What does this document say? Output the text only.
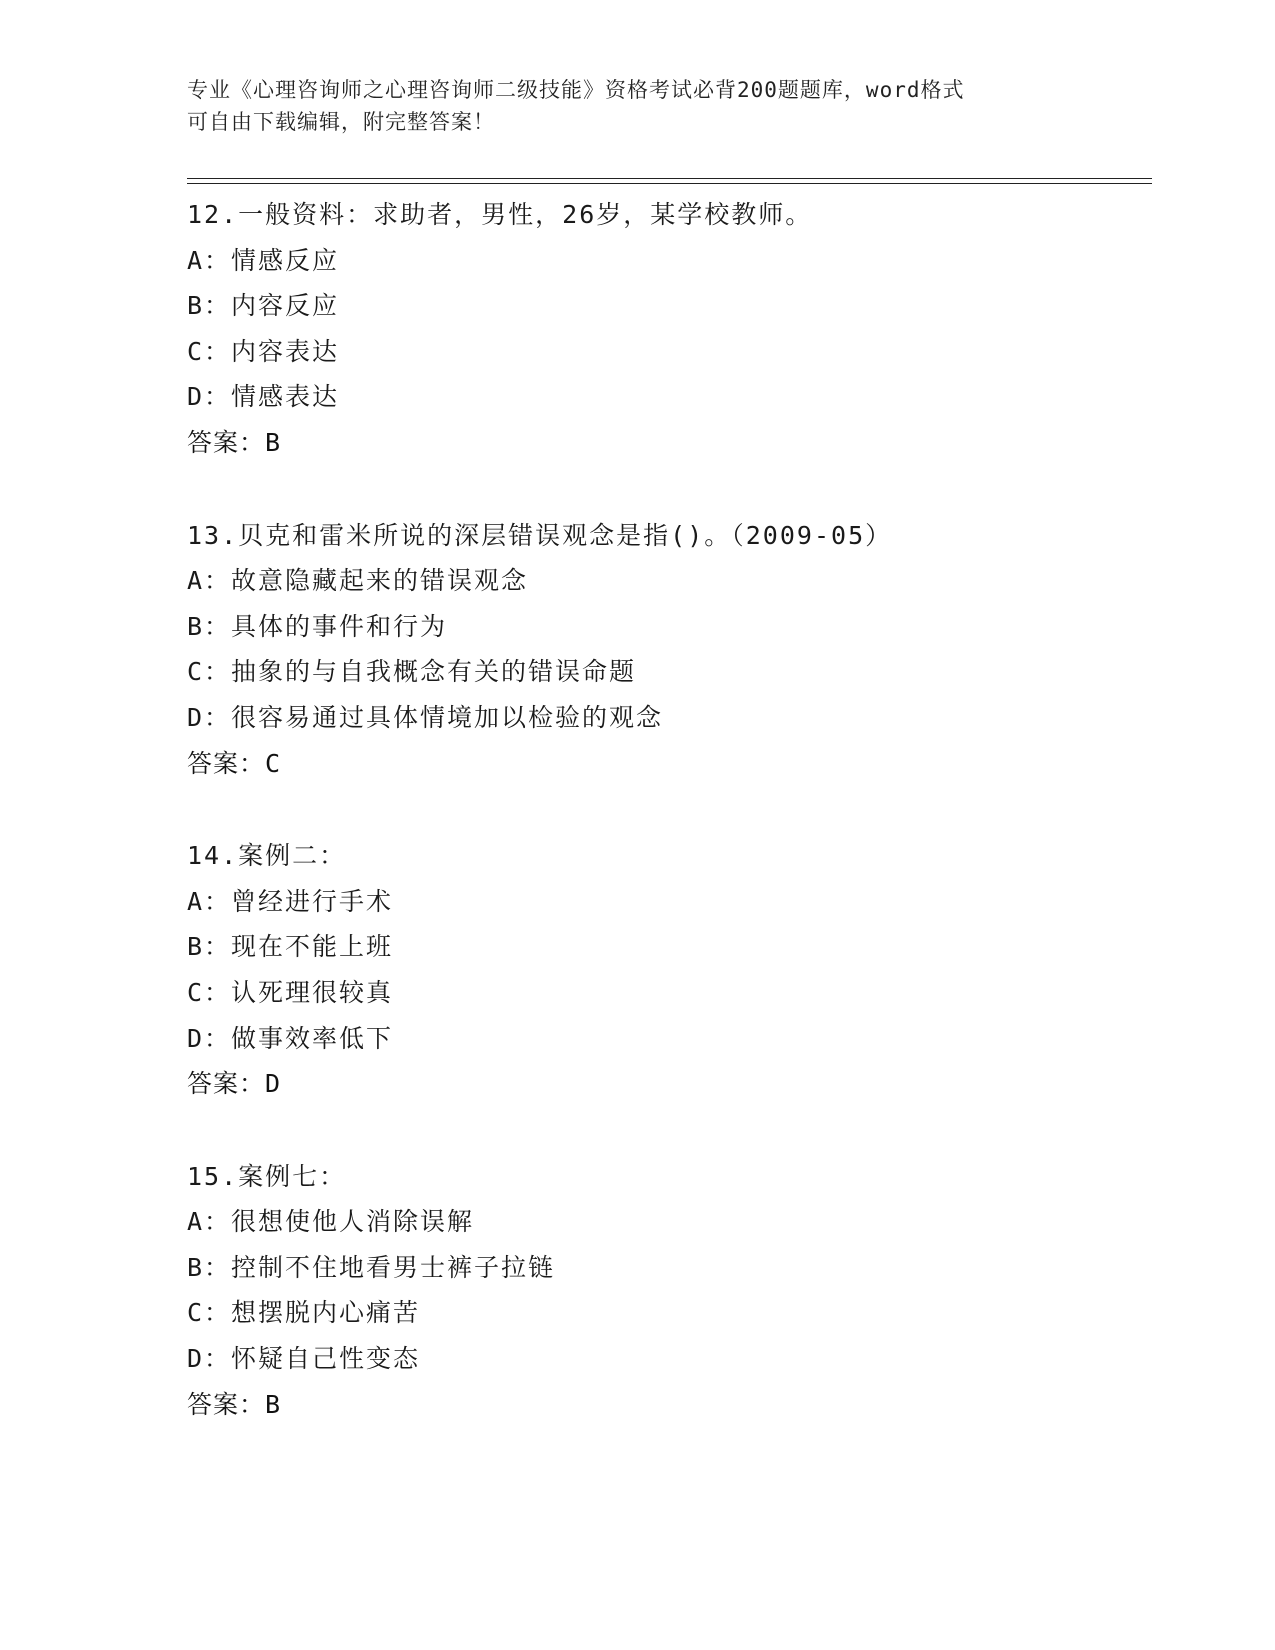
专业《心理咨询师之心理咨询师二级技能》资格考试必背200题题库，word格式
可自由下载编辑，附完整答案！
12.一般资料：求助者，男性，26岁，某学校教师。
A：情感反应
B：内容反应
C：内容表达
D：情感表达
答案：B
13.贝克和雷米所说的深层错误观念是指()。（2009-05）
A：故意隐藏起来的错误观念
B：具体的事件和行为
C：抽象的与自我概念有关的错误命题
D：很容易通过具体情境加以检验的观念
答案：C
14.案例二：
A：曾经进行手术
B：现在不能上班
C：认死理很较真
D：做事效率低下
答案：D
15.案例七：
A：很想使他人消除误解
B：控制不住地看男士裤子拉链
C：想摆脱内心痛苦
D：怀疑自己性变态
答案：B
